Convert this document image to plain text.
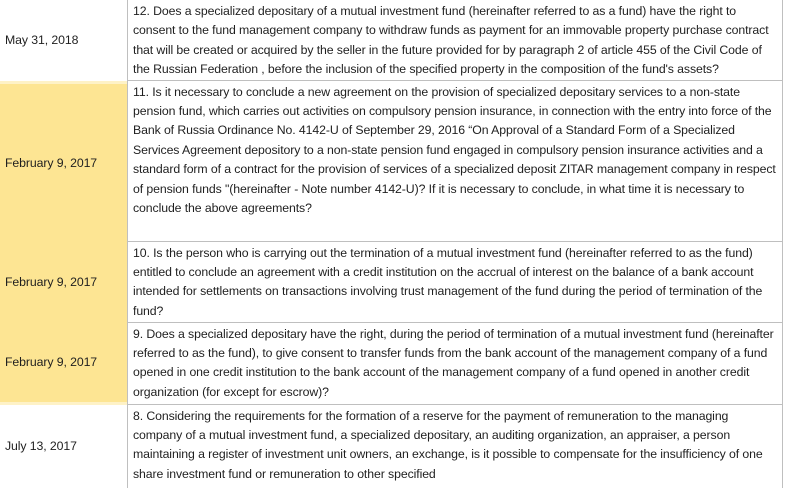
May 31, 2018
12. Does a specialized depositary of a mutual investment fund (hereinafter referred to as a fund) have the right to consent to the fund management company to withdraw funds as payment for an immovable property purchase contract that will be created or acquired by the seller in the future provided for by paragraph 2 of article 455 of the Civil Code of the Russian Federation , before the inclusion of the specified property in the composition of the fund's assets?
February 9, 2017
11. Is it necessary to conclude a new agreement on the provision of specialized depositary services to a non-state pension fund, which carries out activities on compulsory pension insurance, in connection with the entry into force of the Bank of Russia Ordinance No. 4142-U of September 29, 2016 “On Approval of a Standard Form of a Specialized Services Agreement depository to a non-state pension fund engaged in compulsory pension insurance activities and a standard form of a contract for the provision of services of a specialized deposit ZITAR management company in respect of pension funds "(hereinafter - Note number 4142-U)? If it is necessary to conclude, in what time it is necessary to conclude the above agreements?
February 9, 2017
10. Is the person who is carrying out the termination of a mutual investment fund (hereinafter referred to as the fund) entitled to conclude an agreement with a credit institution on the accrual of interest on the balance of a bank account intended for settlements on transactions involving trust management of the fund during the period of termination of the fund?
February 9, 2017
9. Does a specialized depositary have the right, during the period of termination of a mutual investment fund (hereinafter referred to as the fund), to give consent to transfer funds from the bank account of the management company of a fund opened in one credit institution to the bank account of the management company of a fund opened in another credit organization (for except for escrow)?
July 13, 2017
8. Considering the requirements for the formation of a reserve for the payment of remuneration to the managing company of a mutual investment fund, a specialized depositary, an auditing organization, an appraiser, a person maintaining a register of investment unit owners, an exchange, is it possible to compensate for the insufficiency of one share investment fund or remuneration to other specified
